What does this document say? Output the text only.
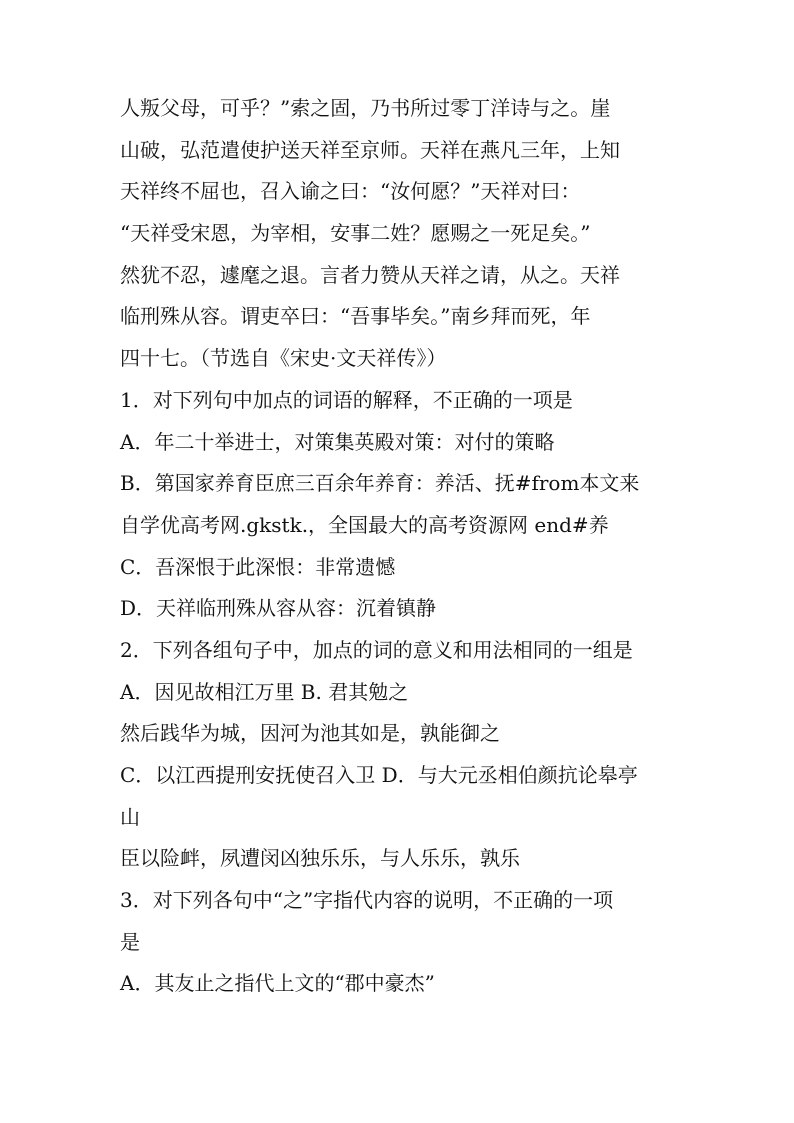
人叛父母，可乎？”索之固，乃书所过零丁洋诗与之。崖
山破，弘范遣使护送天祥至京师。天祥在燕凡三年，上知
天祥终不屈也，召入谕之曰：“汝何愿？”天祥对曰：
“天祥受宋恩，为宰相，安事二姓？愿赐之一死足矣。”
然犹不忍，遽麾之退。言者力赞从天祥之请，从之。天祥
临刑殊从容。谓吏卒曰：“吾事毕矣。”南乡拜而死，年
四十七。（节选自《宋史·文天祥传》）
1．对下列句中加点的词语的解释，不正确的一项是
A．年二十举进士，对策集英殿对策：对付的策略
B．第国家养育臣庶三百余年养育：养活、抚#from本文来
自学优高考网.gkstk.，全国最大的高考资源网 end#养
C．吾深恨于此深恨：非常遗憾
D．天祥临刑殊从容从容：沉着镇静
2．下列各组句子中，加点的词的意义和用法相同的一组是
A．因见故相江万里 B. 君其勉之
然后践华为城，因河为池其如是，孰能御之
C．以江西提刑安抚使召入卫 D．与大元丞相伯颜抗论皋亭
山
臣以险衅，夙遭闵凶独乐乐，与人乐乐，孰乐
3．对下列各句中“之”字指代内容的说明，不正确的一项
是
A．其友止之指代上文的“郡中豪杰”
